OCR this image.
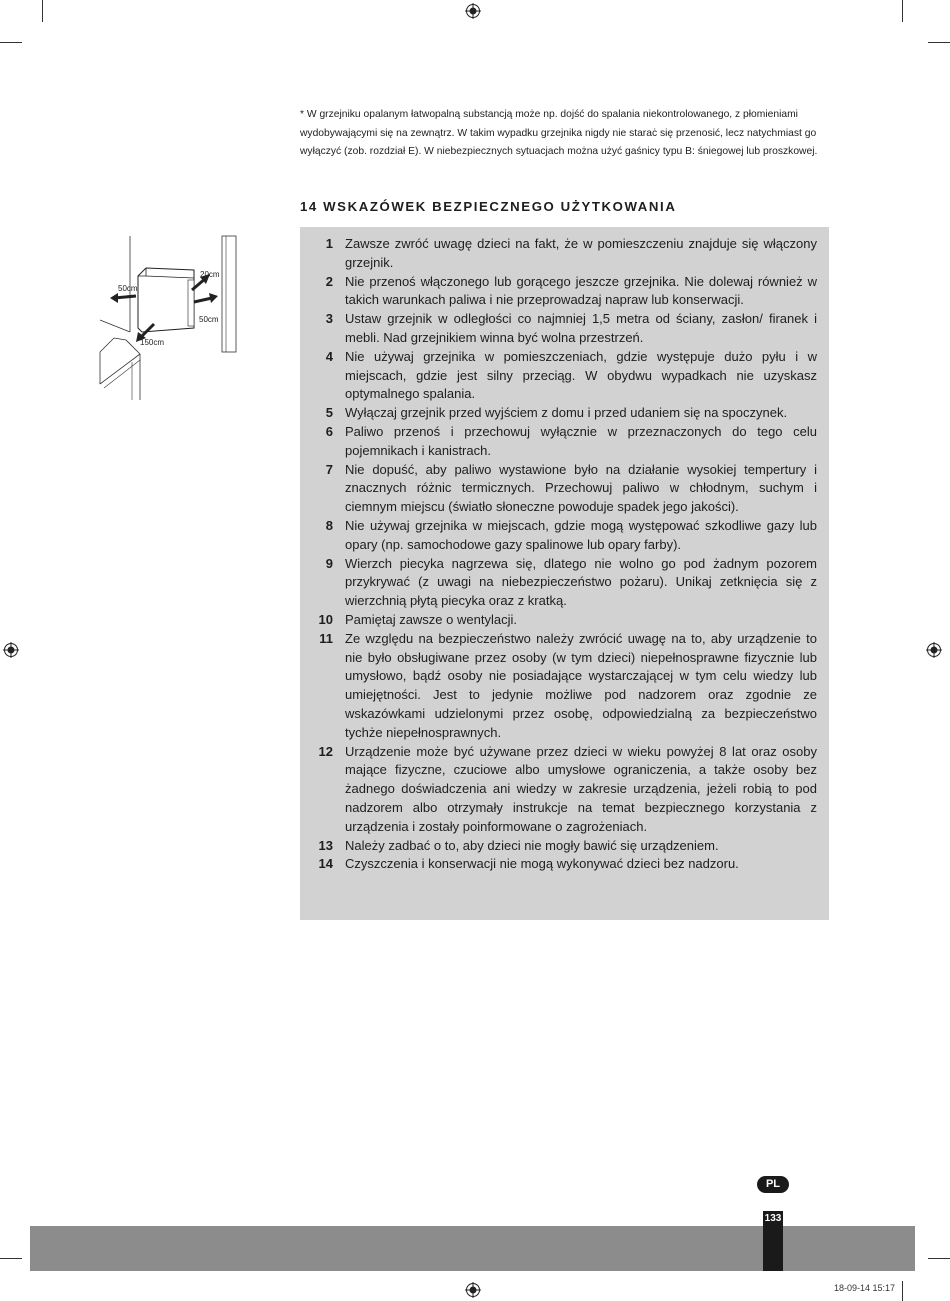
* W grzejniku opalanym łatwopalną substancją może np. dojść do spalania niekontrolowanego, z płomieniami wydobywającymi się na zewnątrz. W takim wypadku grzejnika nigdy nie staraċ się przenosić, lecz natychmiast go wyłączyć (zob. rozdział E). W niebezpiecznych sytuacjach można użyć gaśnicy typu B: śniegowej lub proszkowej.

14 WSKAZÓWEK BEZPIECZNEGO UŻYTKOWANIA
50cm
20cm
50cm
150cm
1 Zawsze zwróć uwagę dzieci na fakt, że w pomieszczeniu znajduje się włączony grzejnik.
2 Nie przenoś włączonego lub gorącego jeszcze grzejnika. Nie dolewaj również w takich warunkach paliwa i nie przeprowadzaj napraw lub konserwacji.
3 Ustaw grzejnik w odległości co najmniej 1,5 metra od ściany, zasłon/ firanek i mebli. Nad grzejnikiem winna być wolna przestrzeń.
4 Nie używaj grzejnika w pomieszczeniach, gdzie występuje dużo pyłu i w miejscach, gdzie jest silny przeciąg. W obydwu wypadkach nie uzyskasz optymalnego spalania.
5 Wyłączaj grzejnik przed wyjściem z domu i przed udaniem się na spoczynek.
6 Paliwo przenoś i przechowuj wyłącznie w przeznaczonych do tego celu pojemnikach i kanistrach.
7 Nie dopuść, aby paliwo wystawione było na działanie wysokiej tempertury i znacznych różnic termicznych. Przechowuj paliwo w chłodnym, suchym i ciemnym miejscu (światło słoneczne powoduje spadek jego jakości).
8 Nie używaj grzejnika w miejscach, gdzie mogą występować szkodliwe gazy lub opary (np. samochodowe gazy spalinowe lub opary farby).
9 Wierzch piecyka nagrzewa się, dlatego nie wolno go pod żadnym pozorem przykrywać (z uwagi na niebezpieczeństwo pożaru). Unikaj zetknięcia się z wierzchnią płytą piecyka oraz z kratką.
10 Pamiętaj zawsze o wentylacji.
11 Ze względu na bezpieczeństwo należy zwrócić uwagę na to, aby urządzenie to nie było obsługiwane przez osoby (w tym dzieci) niepełnosprawne fizycznie lub umysłowo, bądź osoby nie posiadające wystarczającej w tym celu wiedzy lub umiejętności. Jest to jedynie możliwe pod nadzorem oraz zgodnie ze wskazówkami udzielonymi przez osobę, odpowiedzialną za bezpieczeństwo tychże niepełnosprawnych.
12 Urządzenie może być używane przez dzieci w wieku powyżej 8 lat oraz osoby mające fizyczne, czuciowe albo umysłowe ograniczenia, a także osoby bez żadnego doświadczenia ani wiedzy w zakresie urządzenia, jeżeli robią to pod nadzorem albo otrzymały instrukcje na temat bezpiecznego korzystania z urządzenia i zostały poinformowane o zagrożeniach.
13 Należy zadbać o to, aby dzieci nie mogły bawić się urządzeniem.
14 Czyszczenia i konserwacji nie mogą wykonywać dzieci bez nadzoru.
PL
133
18-09-14 15:17
